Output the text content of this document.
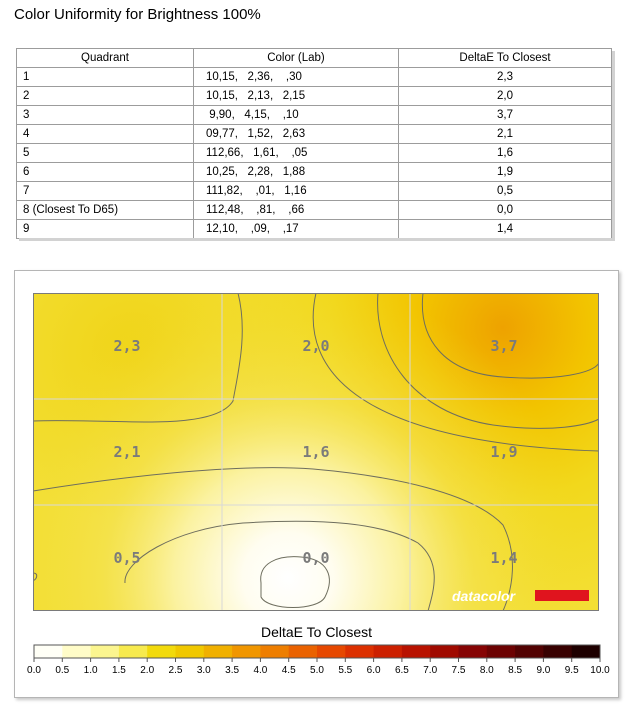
Color Uniformity for Brightness 100%
Quadrant	Color (Lab)	DeltaE To Closest
1	10,15,   2,36,    ,30	2,3
2	10,15,   2,13,   2,15	2,0
3	9,90,   4,15,    ,10	3,7
4	09,77,   1,52,   2,63	2,1
5	112,66,   1,61,    ,05	1,6
6	10,25,   2,28,   1,88	1,9
7	111,82,    ,01,   1,16	0,5
8 (Closest To D65)	112,48,    ,81,    ,66	0,0
9	12,10,    ,09,    ,17	1,4
2,3	2,0	3,7
2,1	1,6	1,9
0,5	0,0	1,4
datacolor
DeltaE To Closest
0.0 0.5 1.0 1.5 2.0 2.5 3.0 3.5 4.0 4.5 5.0 5.5 6.0 6.5 7.0 7.5 8.0 8.5 9.0 9.5 10.0
